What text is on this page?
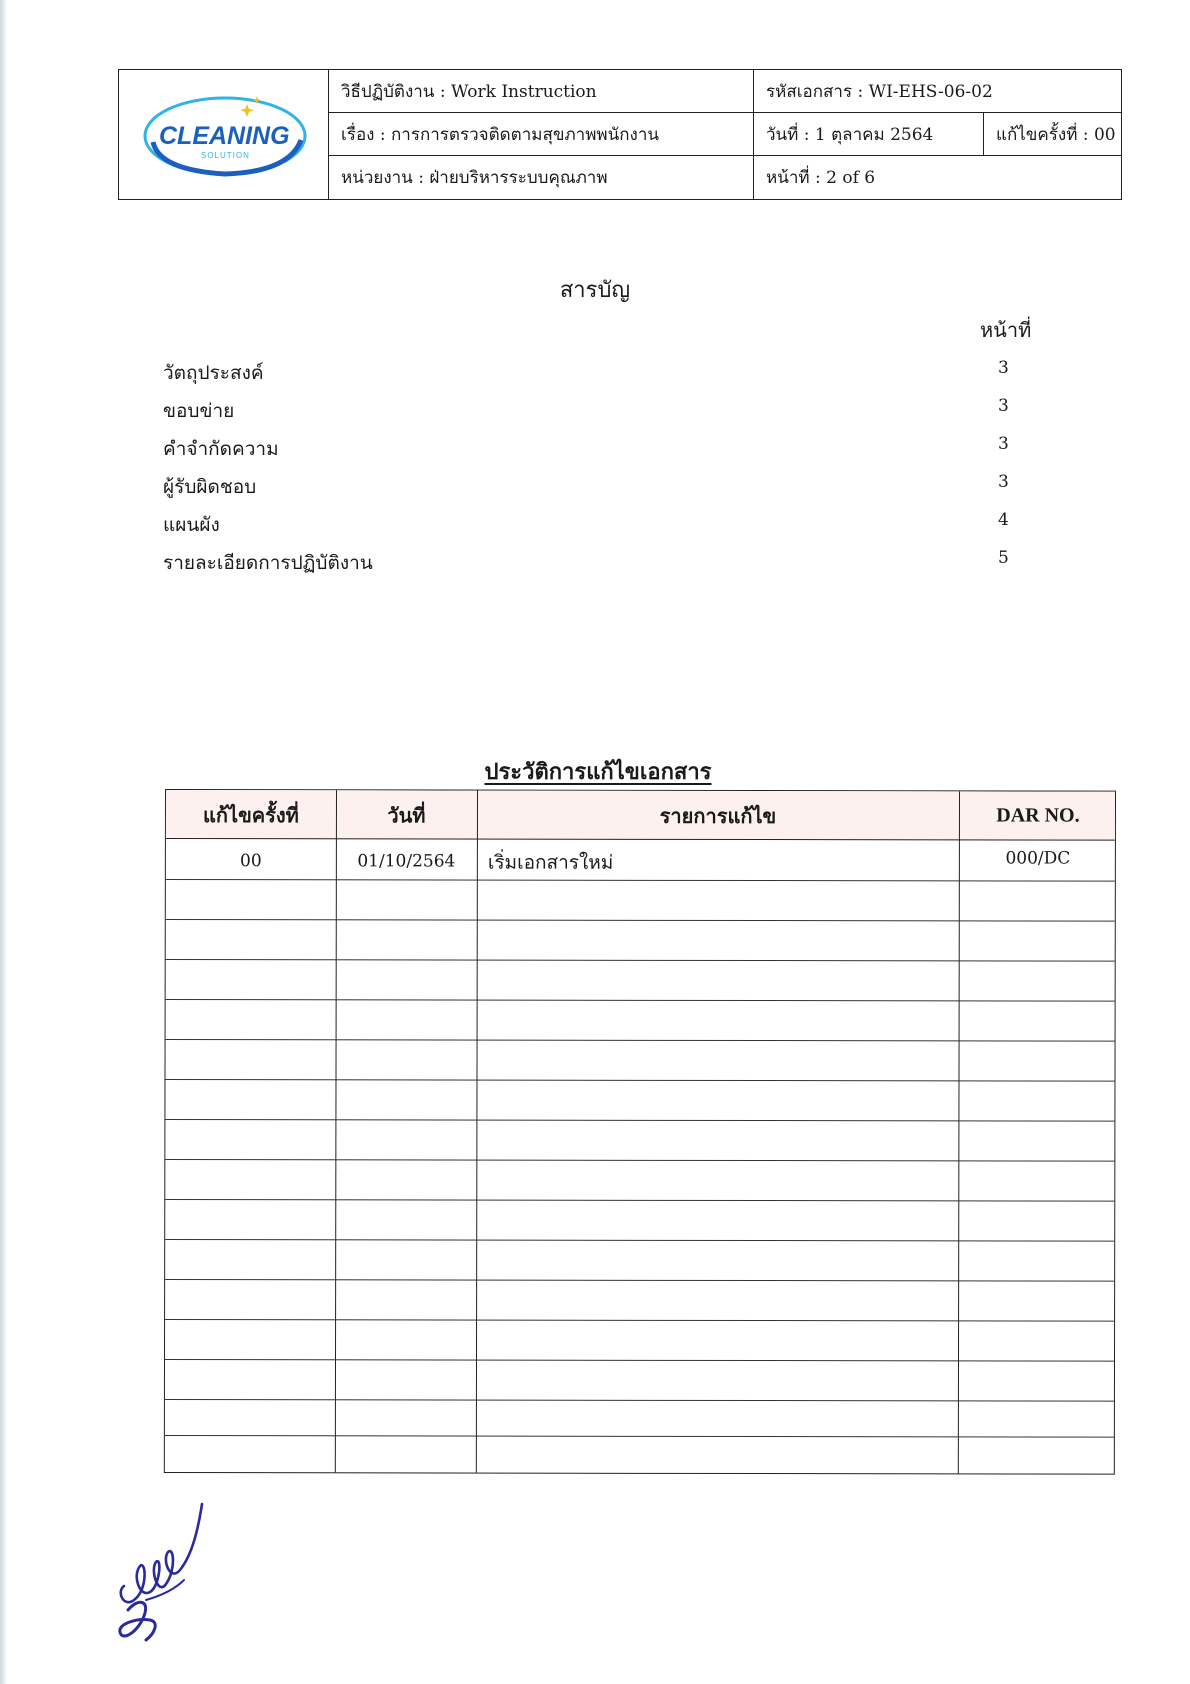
CLEANING
SOLUTION
วิธีปฏิบัติงาน : Work Instruction	รหัสเอกสาร : WI-EHS-06-02
เรื่อง : การการตรวจติดตามสุขภาพพนักงาน	วันที่ : 1 ตุลาคม 2564	แก้ไขครั้งที่ : 00
หน่วยงาน : ฝ่ายบริหารระบบคุณภาพ	หน้าที่ : 2 of 6
สารบัญ
หน้าที่
วัตถุประสงค์	3
ขอบข่าย	3
คำจำกัดความ	3
ผู้รับผิดชอบ	3
แผนผัง	4
รายละเอียดการปฏิบัติงาน	5
ประวัติการแก้ไขเอกสาร
แก้ไขครั้งที่	วันที่	รายการแก้ไข	DAR NO.
00	01/10/2564	เริ่มเอกสารใหม่	000/DC
